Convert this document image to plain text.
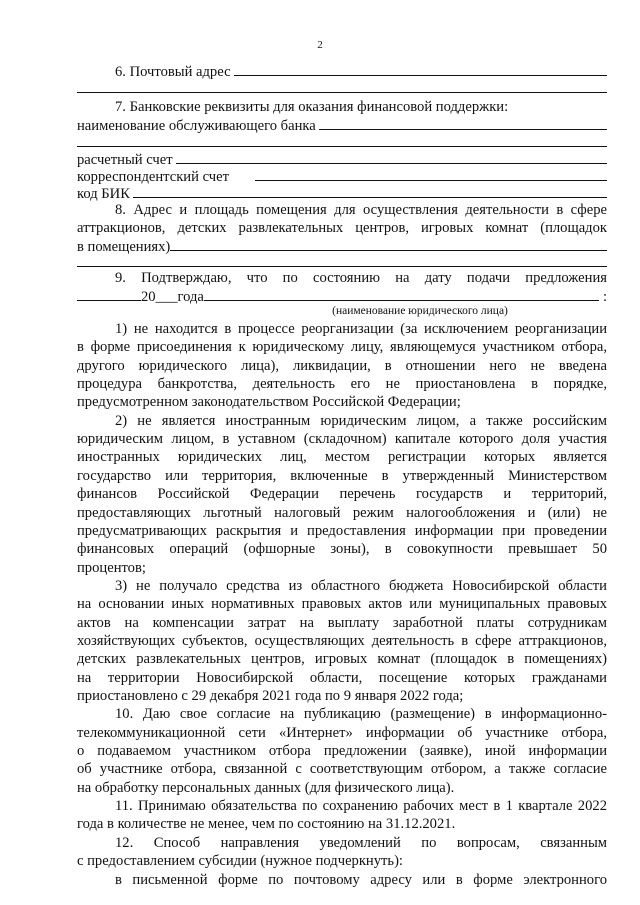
2
6. Почтовый адрес
7. Банковские реквизиты для оказания финансовой поддержки:
наименование обслуживающего банка
расчетный счет
корреспондентский счет
код БИК
8. Адрес и площадь помещения для осуществления деятельности в сфере
аттракционов, детских развлекательных центров, игровых комнат (площадок
в помещениях)
9. Подтверждаю, что по состоянию на дату подачи предложения
20___года	:
(наименование юридического лица)
1) не находится в процессе реорганизации (за исключением реорганизации
в форме присоединения к юридическому лицу, являющемуся участником отбора,
другого юридического лица), ликвидации, в отношении него не введена
процедура банкротства, деятельность его не приостановлена в порядке,
предусмотренном законодательством Российской Федерации;
2) не является иностранным юридическим лицом, а также российским
юридическим лицом, в уставном (складочном) капитале которого доля участия
иностранных юридических лиц, местом регистрации которых является
государство или территория, включенные в утвержденный Министерством
финансов Российской Федерации перечень государств и территорий,
предоставляющих льготный налоговый режим налогообложения и (или) не
предусматривающих раскрытия и предоставления информации при проведении
финансовых операций (офшорные зоны), в совокупности превышает 50
процентов;
3) не получало средства из областного бюджета Новосибирской области
на основании иных нормативных правовых актов или муниципальных правовых
актов на компенсации затрат на выплату заработной платы сотрудникам
хозяйствующих субъектов, осуществляющих деятельность в сфере аттракционов,
детских развлекательных центров, игровых комнат (площадок в помещениях)
на территории Новосибирской области, посещение которых гражданами
приостановлено с 29 декабря 2021 года по 9 января 2022 года;
10. Даю свое согласие на публикацию (размещение) в информационно-
телекоммуникационной сети «Интернет» информации об участнике отбора,
о подаваемом участником отбора предложении (заявке), иной информации
об участнике отбора, связанной с соответствующим отбором, а также согласие
на обработку персональных данных (для физического лица).
11. Принимаю обязательства по сохранению рабочих мест в 1 квартале 2022
года в количестве не менее, чем по состоянию на 31.12.2021.
12. Способ направления уведомлений по вопросам, связанным
с предоставлением субсидии (нужное подчеркнуть):
в письменной форме по почтовому адресу или в форме электронного
